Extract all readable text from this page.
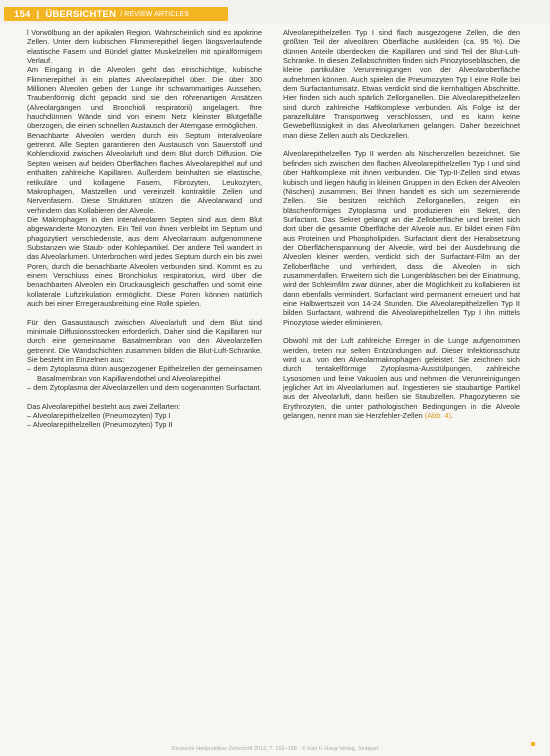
154 | ÜBERSICHTEN / REVIEW ARTICLES

l Vorwölbung an der apikalen Region. Wahrscheinlich sind es apokrine Zellen. Unter dem kubischen Flimmerepithel liegen längsverlaufende elastische Fasern und Bündel glatter Muskelzellen mit spiralförmigem Verlauf.

Am Eingang in die Alveolen geht das einschichtige, kubische Flimmerepithel in ein plattes Alveolarepithel über. Die über 300 Millionen Alveolen geben der Lunge ihr schwammartiges Aussehen. Traubenförmig dicht gepackt sind sie den röhrenartigen Ansätzen (Alveolargängen und Bronchioli respiratorii) angelagert. Ihre hauchdünnen Wände sind von einem Netz kleinster Blutgefäße überzogen, die einen schnellen Austausch der Atemgase ermöglichen.

Benachbarte Alveolen werden durch ein Septum interalveolare getrennt. Alle Septen garantieren den Austausch von Sauerstoff und Kohlendioxid zwischen Alveolarluft und dem Blut durch Diffusion. Die Septen weisen auf beiden Oberflächen flaches Alveolarepithel auf und enthalten zahlreiche Kapillaren. Außerdem beinhalten sie elastische, retikuläre und kollagene Fasern, Fibrozyten, Leukozyten, Makrophagen, Mastzellen und vereinzelt kontraktile Zellen und Nervenfasern. Diese Strukturen stützen die Alveolarwand und verhindern das Kollabieren der Alveole.

Die Makrophagen in den interalveolaren Septen sind aus dem Blut abgewanderte Monozyten. Ein Teil von ihnen verbleibt im Septum und phagozytiert verschiedenste, aus dem Alveolarraum aufgenommene Substanzen wie Staub- oder Kohlepartikel. Der andere Teil wandert in das Alveolarlumen. Unterbrochen wird jedes Septum durch ein bis zwei Poren, durch die benachbarte Alveolen verbunden sind. Kommt es zu einem Verschluss eines Bronchiolus respiratorius, wird über die benachbarten Alveolen ein Druckausgleich geschaffen und somit eine kollaterale Luftzirkulation ermöglicht. Diese Poren können natürlich auch bei einer Erregerausbreitung eine Rolle spielen.

Für den Gasaustausch zwischen Alveolarluft und dem Blut sind minimale Diffusionsstrecken erforderlich. Daher sind die Kapillaren nur durch eine gemeinsame Basalmembran von den Alveolarzellen getrennt. Die Wandschichten zusammen bilden die Blut-Luft-Schranke. Sie besteht im Einzelnen aus:

– dem Zytoplasma dünn ausgezogener Epithelzellen der gemeinsamen Basalmembran von Kapillarendothel und Alveolarepithel
– dem Zytoplasma der Alveolarzellen und dem sogenannten Surfactant.

Das Alveolarepithel besteht aus zwei Zellarten:

– Alveolarepithelzellen (Pneumozyten) Typ I
– Alveolarepithelzellen (Pneumozyten) Typ II

Alveolarepithelzellen Typ I sind flach ausgezogene Zellen, die den größten Teil der alveolären Oberfläche auskleiden (ca. 95 %). Die dünnen Anteile überdecken die Kapillaren und sind Teil der Blut-Luft-Schranke. In diesen Zellabschnitten finden sich Pinozytosebläschen, die kleine partikuläre Verunreinigungen von der Alveolaroberfläche aufnehmen können. Auch spielen die Pneumozyten Typ I eine Rolle bei dem Surfactantumsatz. Etwas verdickt sind die kernhaltigen Abschnitte. Hier finden sich auch spärlich Zellorganellen. Die Alveolarepithelzellen sind durch zahlreiche Haftkomplexe verbunden. Als Folge ist der parazelluläre Transportweg verschlossen, und es kann keine Gewebeflüssigkeit in das Alveolarlumen gelangen. Daher bezeichnet man diese Zellen auch als Deckzellen.

Alveolarepithelzellen Typ II werden als Nischenzellen bezeichnet. Sie befinden sich zwischen den flachen Alveolarepithelzellen Typ I und sind über Haftkomplexe mit ihnen verbunden. Die Typ-II-Zellen sind etwas kubisch und liegen häufig in kleinen Gruppen in den Ecken der Alveolen (Nischen) zusammen. Bei Ihnen handelt es sich um sezernierende Zellen. Sie besitzen reichlich Zellorganellen, zeigen ein bläschenförmiges Zytoplasma und produzieren ein Sekret, den Surfactant. Das Sekret gelangt an die Zelloberfläche und breitet sich dort über die gesamte Oberfläche der Alveole aus. Er bildet einen Film aus Proteinen und Phospholipiden. Surfactant dient der Herabsetzung der Oberflächenspannung der Alveole, wird bei der Ausdehnung die Alveolen kleiner werden, verdickt sich der Surfactant-Film an der Zelloberfläche und verhindert, dass die Alveolen in sich zusammenfallen. Erweitern sich die Lungenbläschen bei der Einatmung, wird der Schleimfilm zwar dünner, aber die Möglichkeit zu kollabieren ist dann ebenfalls vermindert. Surfactant wird permanent erneuert und hat eine Halbwertszeit von 14-24 Stunden. Die Alveolarepithelzellen Typ II bilden Surfactant, während die Alveolarepithelzellen Typ I ihn mittels Pinozytose wieder eliminieren.

Obwohl mit der Luft zahlreiche Erreger in die Lunge aufgenommen werden, treten nur selten Entzündungen auf. Dieser Infektionsschutz wird u.a. von den Alveolarmakrophagen geleistet. Sie zeichnen sich durch tentakelförmige Zytoplasma-Ausstülpungen, zahlreiche Lysosomen und feine Vakuolen aus und nehmen die Verunreinigungen jeglicher Art im Alveolarlumen auf. Ingestieren sie staubartige Partikel aus der Alveolarluft, dann heißen sie Staubzellen. Phagozytieren sie Erythrozyten, die unter pathologischen Bedingungen in die Alveole gelangen, nennt man sie Herzfehler-Zellen (Abb. 4).

Deutsche Heilpraktiker-Zeitschrift 2012; 7: 152–158 · © Karl F. Haug Verlag, Stuttgart
